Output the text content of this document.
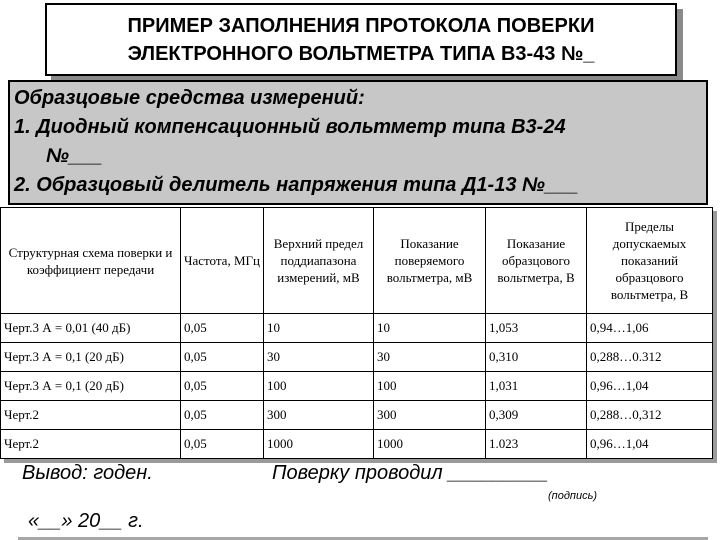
ПРИМЕР ЗАПОЛНЕНИЯ ПРОТОКОЛА ПОВЕРКИ
ЭЛЕКТРОННОГО ВОЛЬТМЕТРА ТИПА В3-43 №_
Образцовые средства измерений:
1. Диодный компенсационный вольтметр типа В3-24
№___
2. Образцовый делитель напряжения типа Д1-13 №___
Структурная схема поверки и коэффициент передачи	Частота, МГц	Верхний предел поддиапазона измерений, мВ	Показание поверяемого вольтметра, мВ	Показание образцового вольтметра, В	Пределы допускаемых показаний образцового вольтметра, В
Черт.3 А = 0,01 (40 дБ)	0,05	10	10	1,053	0,94…1,06
Черт.3 А = 0,1 (20 дБ)	0,05	30	30	0,310	0,288…0.312
Черт.3 А = 0,1 (20 дБ)	0,05	100	100	1,031	0,96…1,04
Черт.2	0,05	300	300	0,309	0,288…0,312
Черт.2	0,05	1000	1000	1.023	0,96…1,04
Вывод: годен.	Поверку проводил _________
(подпись)
«__» 20__ г.
